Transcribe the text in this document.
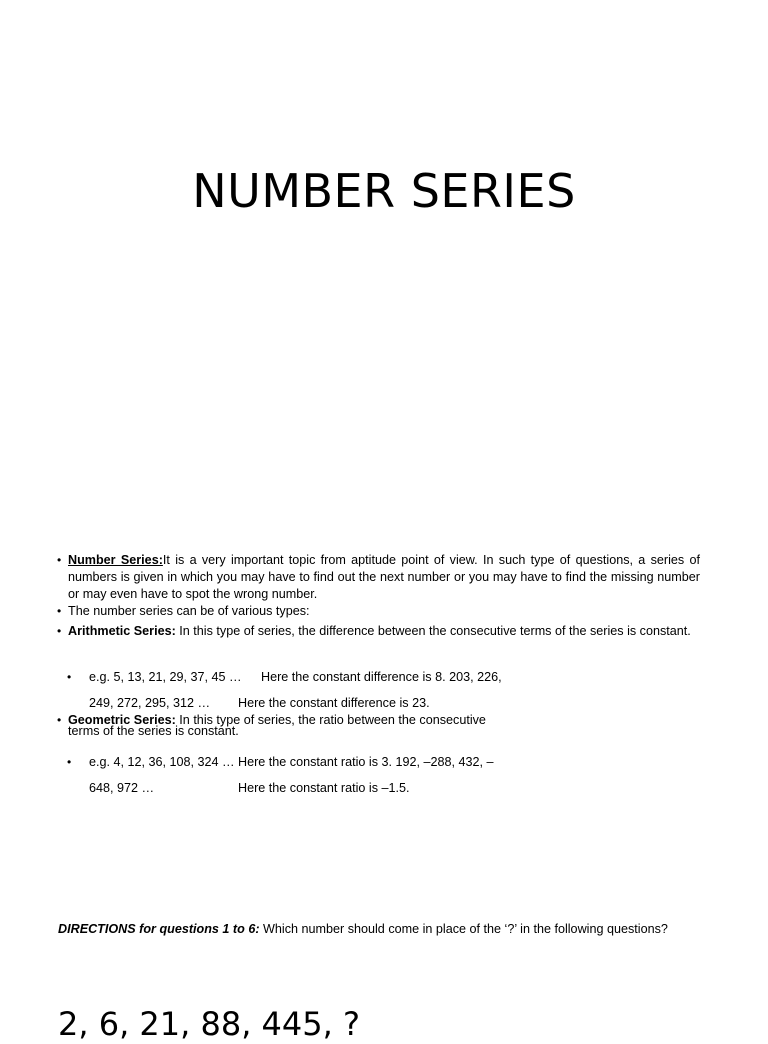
NUMBER SERIES
• Number Series:It is a very important topic from aptitude point of view. In such type of questions, a series of numbers is given in which you may have to find out the next number or you may have to find the missing number or may even have to spot the wrong number.
• The number series can be of various types:
• Arithmetic Series: In this type of series, the difference between the consecutive terms of the series is constant.
• e.g. 5, 13, 21, 29, 37, 45 … Here the constant difference is 8. 203, 226,
249, 272, 295, 312 … Here the constant difference is 23.
• Geometric Series: In this type of series, the ratio between the consecutive
terms of the series is constant.
• e.g. 4, 12, 36, 108, 324 … Here the constant ratio is 3. 192, –288, 432, –
648, 972 …	Here the constant ratio is –1.5.
DIRECTIONS for questions 1 to 6: Which number should come in place of the ‘?’ in the following questions?
2, 6, 21, 88, 445, ?
